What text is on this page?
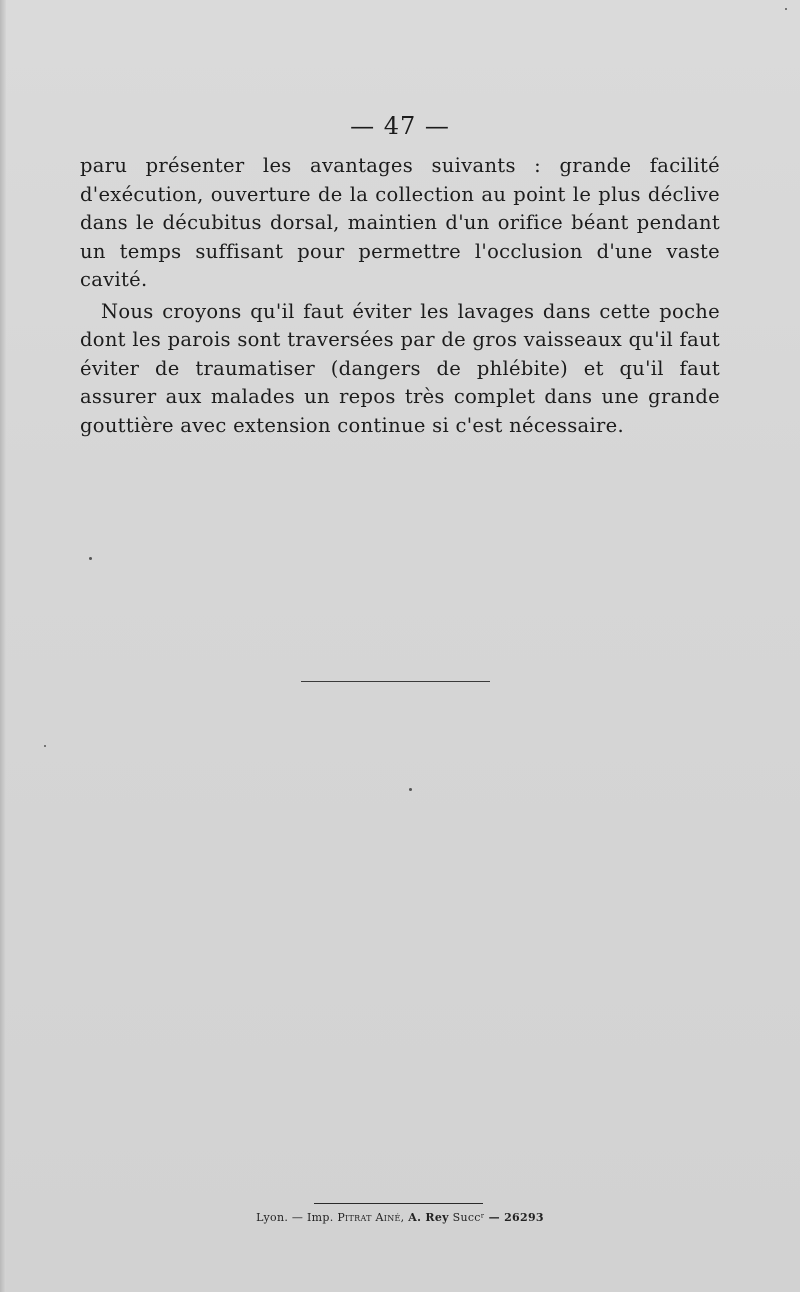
— 47 —

paru présenter les avantages suivants : grande facilité d'exécution, ouverture de la collection au point le plus déclive dans le décubitus dorsal, maintien d'un orifice béant pendant un temps suffisant pour permettre l'occlusion d'une vaste cavité.

Nous croyons qu'il faut éviter les lavages dans cette poche dont les parois sont traversées par de gros vaisseaux qu'il faut éviter de traumatiser (dangers de phlébite) et qu'il faut assurer aux malades un repos très complet dans une grande gouttière avec extension continue si c'est nécessaire.

Lyon. — Imp. Pitrat Ainé, A. Rey Succʳ — 26293
